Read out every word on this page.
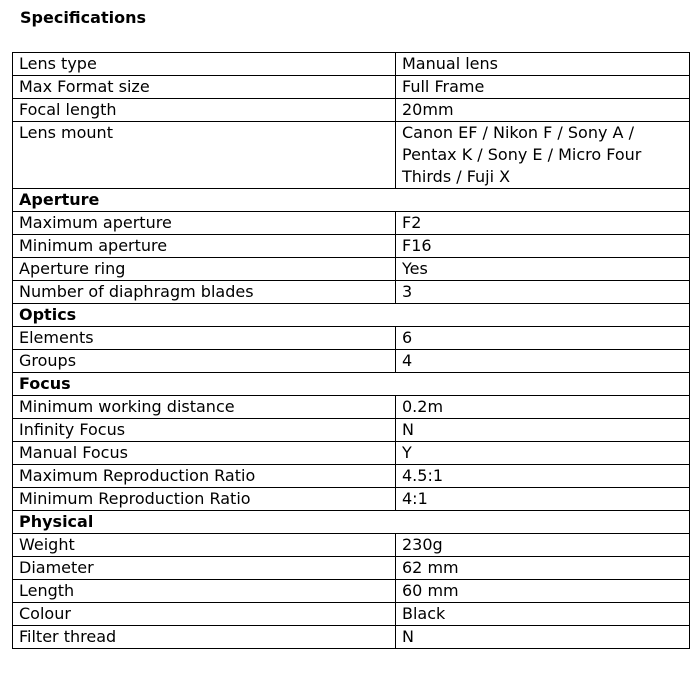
Specifications
Lens type	Manual lens
Max Format size	Full Frame
Focal length	20mm
Lens mount	Canon EF / Nikon F / Sony A / Pentax K / Sony E / Micro Four Thirds / Fuji X
Aperture	
Maximum aperture	F2
Minimum aperture	F16
Aperture ring	Yes
Number of diaphragm blades	3
Optics	
Elements	6
Groups	4
Focus	
Minimum working distance	0.2m
Infinity Focus	N
Manual Focus	Y
Maximum Reproduction Ratio	4.5:1
Minimum Reproduction Ratio	4:1
Physical	
Weight	230g
Diameter	62 mm
Length	60 mm
Colour	Black
Filter thread	N
